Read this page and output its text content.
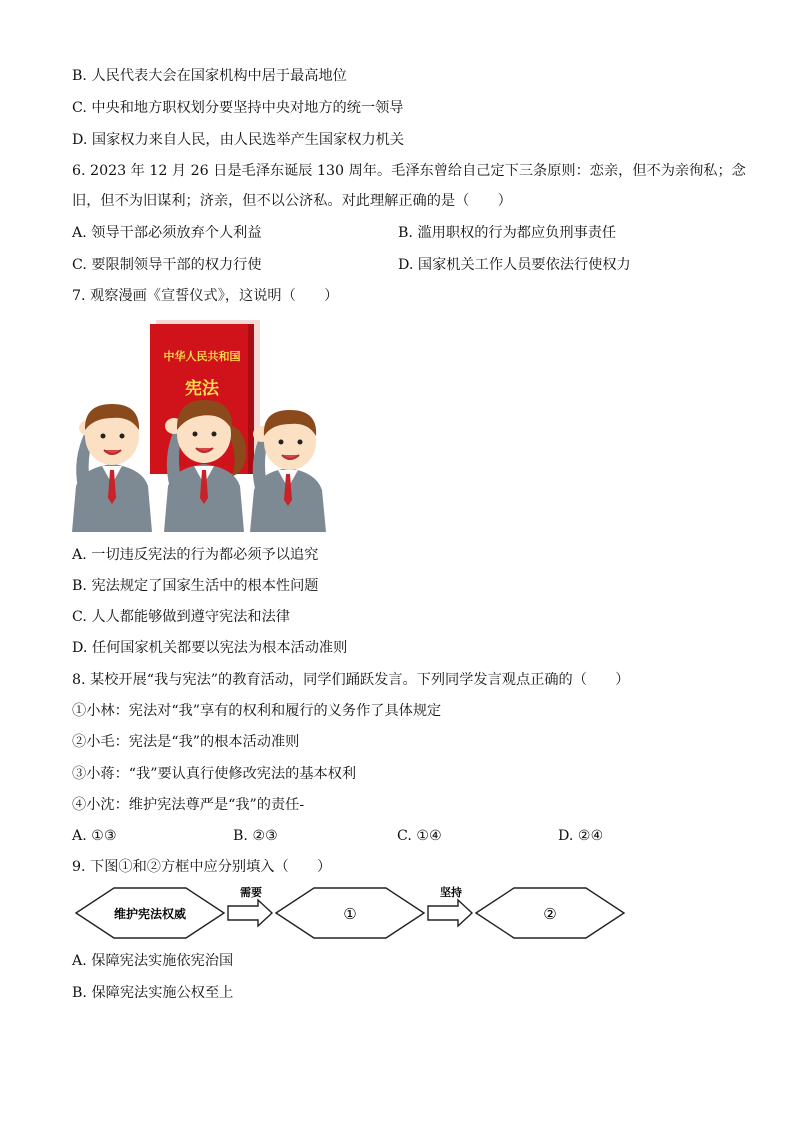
B. 人民代表大会在国家机构中居于最高地位
C. 中央和地方职权划分要坚持中央对地方的统一领导
D. 国家权力来自人民，由人民选举产生国家权力机关
6. 2023 年 12 月 26 日是毛泽东诞辰 130 周年。毛泽东曾给自己定下三条原则：恋亲，但不为亲徇私；念
旧，但不为旧谋利；济亲，但不以公济私。对此理解正确的是（　　）
A. 领导干部必须放弃个人利益	B. 滥用职权的行为都应负刑事责任
C. 要限制领导干部的权力行使	D. 国家机关工作人员要依法行使权力
7. 观察漫画《宣誓仪式》，这说明（　　）
中华人民共和国
宪法
A. 一切违反宪法的行为都必须予以追究
B. 宪法规定了国家生活中的根本性问题
C. 人人都能够做到遵守宪法和法律
D. 任何国家机关都要以宪法为根本活动准则
8. 某校开展“我与宪法”的教育活动，同学们踊跃发言。下列同学发言观点正确的（　　）
①小林：宪法对“我”享有的权利和履行的义务作了具体规定
②小毛：宪法是“我”的根本活动准则
③小蒋：“我”要认真行使修改宪法的基本权利
④小沈：维护宪法尊严是“我”的责任-
A. ①③	B. ②③	C. ①④	D. ②④
9. 下图①和②方框中应分别填入（　　）
维护宪法权威
需要
①
坚持
②
A. 保障宪法实施依宪治国
B. 保障宪法实施公权至上
